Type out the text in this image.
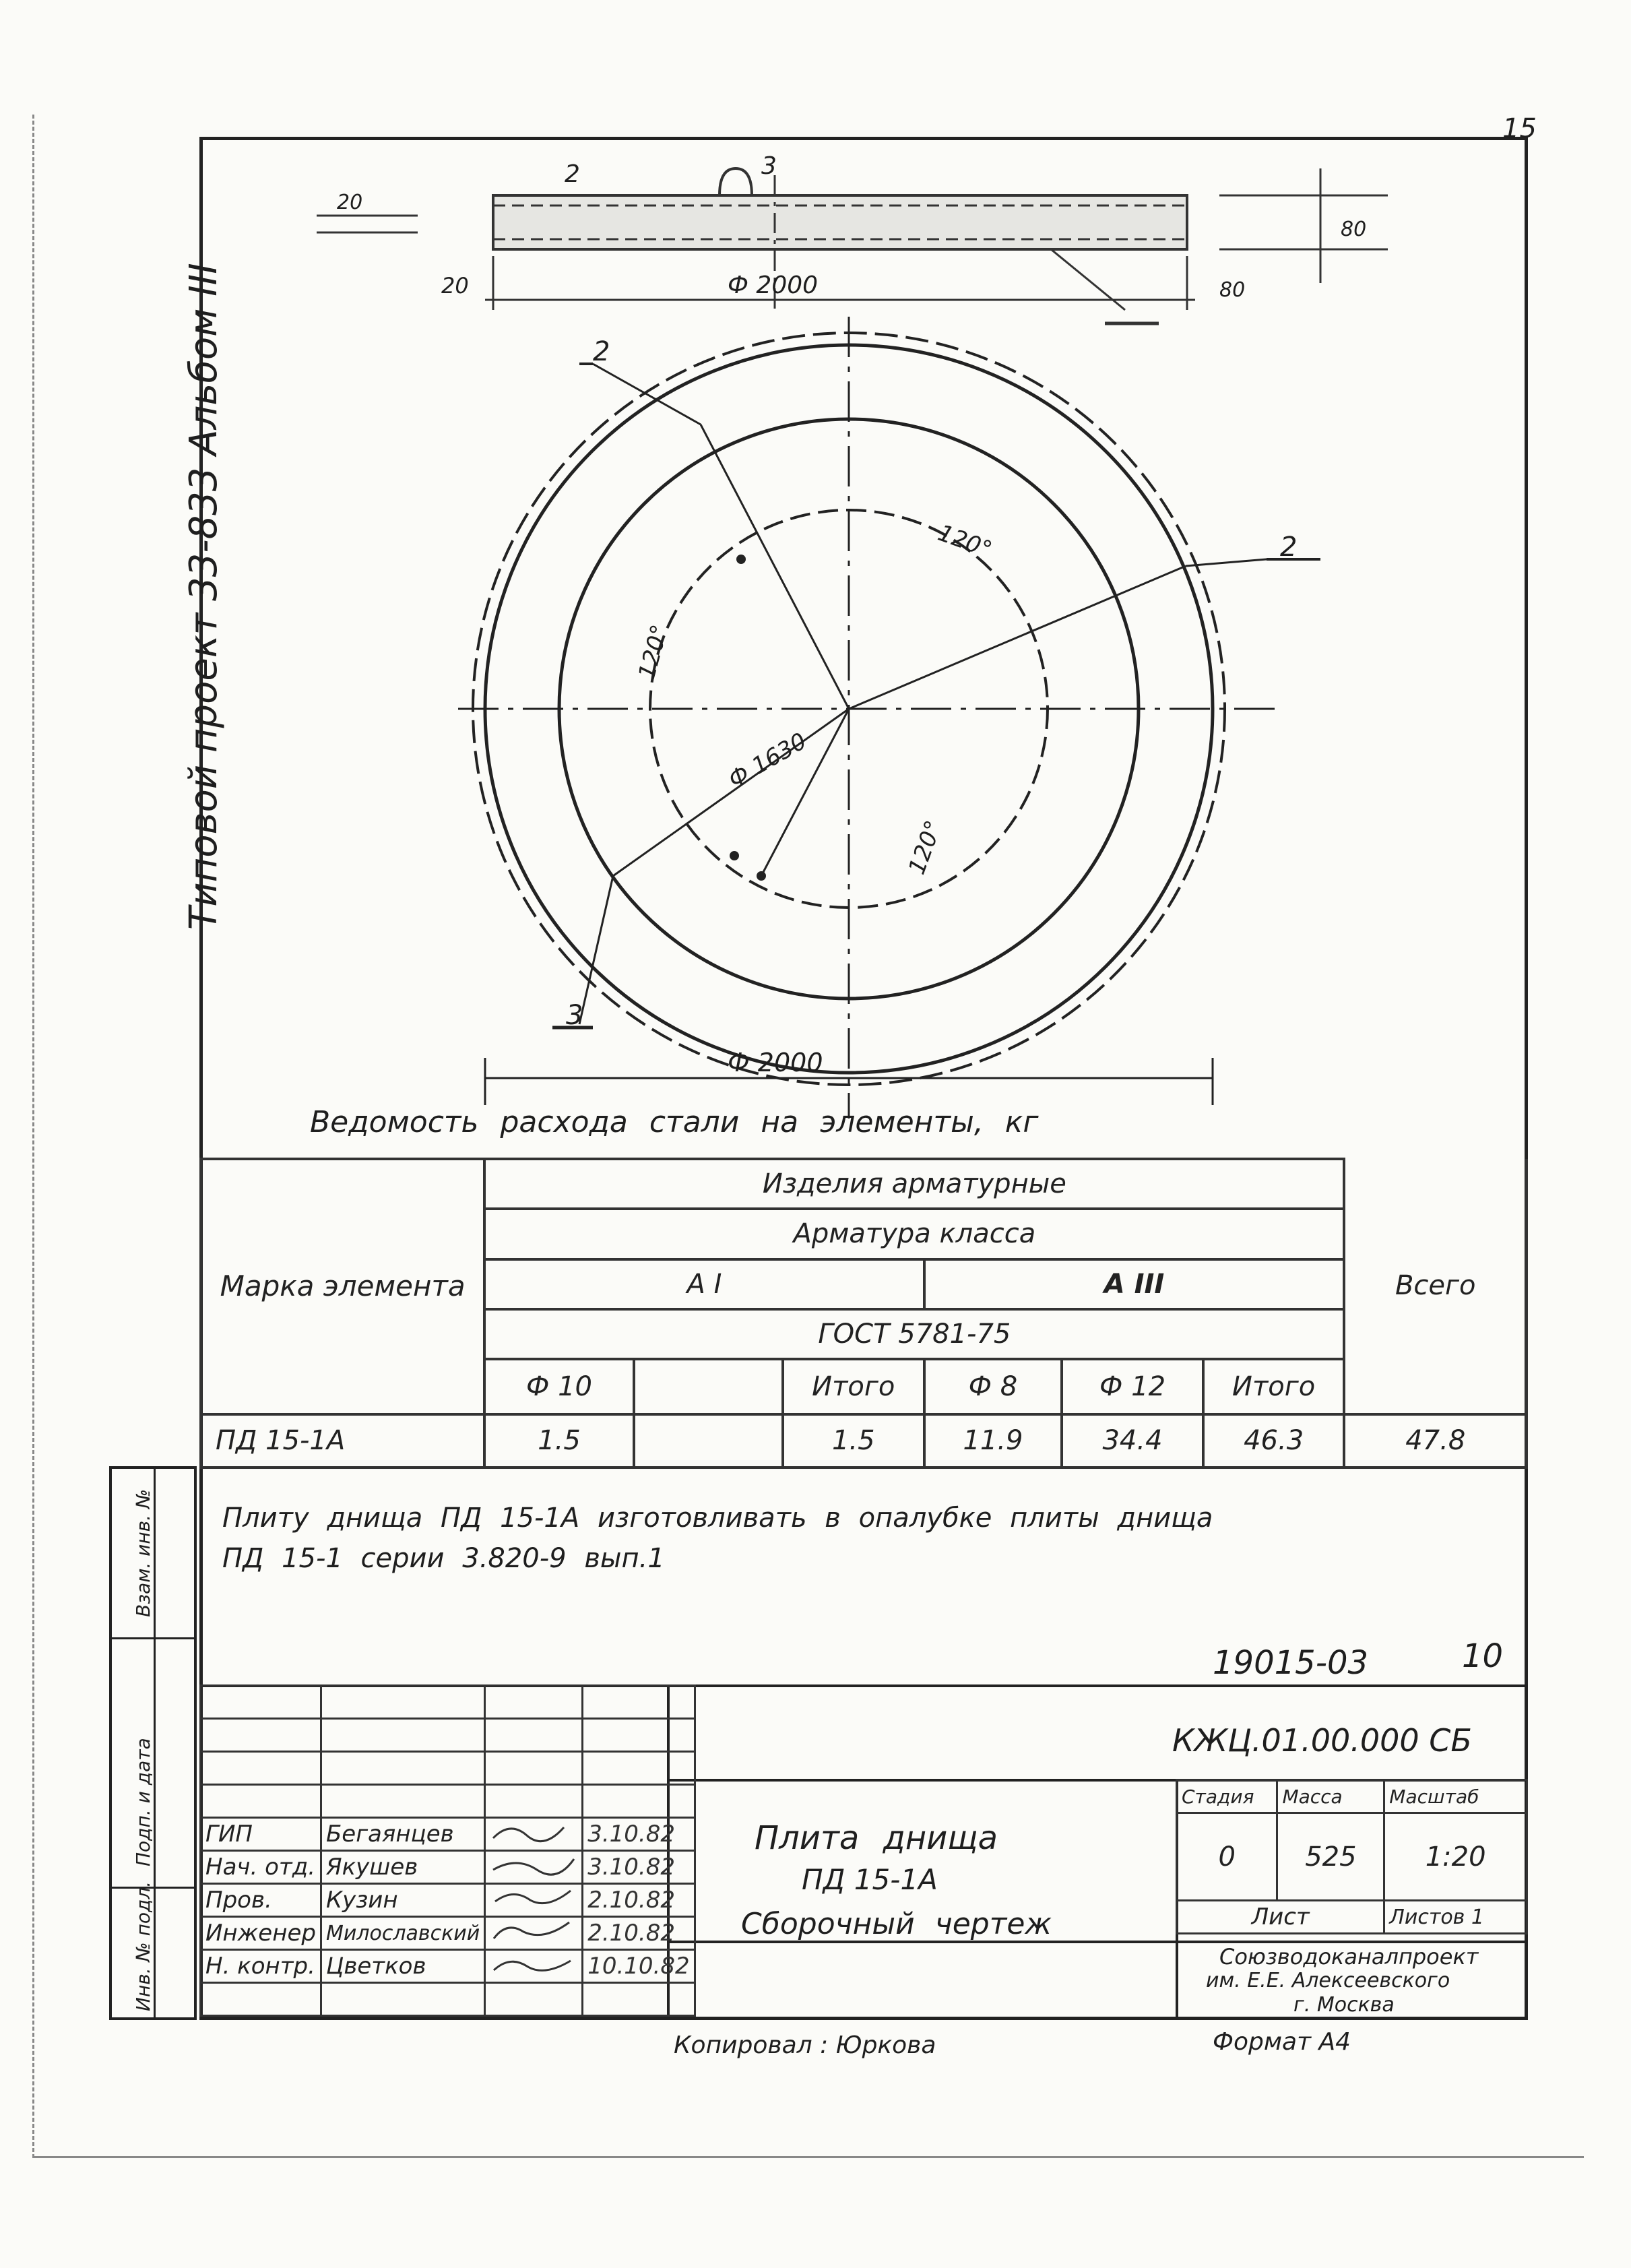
15
Типовой проект 33-833 Альбом III
Взам. инв. №
Подп. и дата
Инв. № подл.
Ф 2000
20
20
80
80
2	3
120°
120°
120°
Ф 1630
Ф 2000
2
2
3
Ведомость расхода стали на элементы, кг
Марка элемента	Изделия арматурные						Всего
	Арматура класса						
	A I			A III			
	ГОСТ 5781-75						
	Ф 10		Итого	Ф 8	Ф 12	Итого	
ПД 15-1А	1.5		1.5	11.9	34.4	46.3	47.8
Плиту днища ПД 15-1А изготовливать в опалубке плиты днища
ПД 15-1 серии 3.820-9 вып.1
19015-03	10
КЖЦ.01.00.000 СБ

ГИП	Бегаянцев		3.10.82
Нач. отд.	Якушев		3.10.82
Пров.	Кузин		2.10.82
Инженер	Милославский		2.10.82
Н. контр.	Цветков		10.10.82

Плита днища
ПД 15-1А
Сборочный чертеж
Стадия	Масса	Масштаб
0	525	1:20
Лист		Листов 1
Союзводоканалпроект
им. Е.Е. Алексеевского
г. Москва
Копировал : Юркова	Формат А4
